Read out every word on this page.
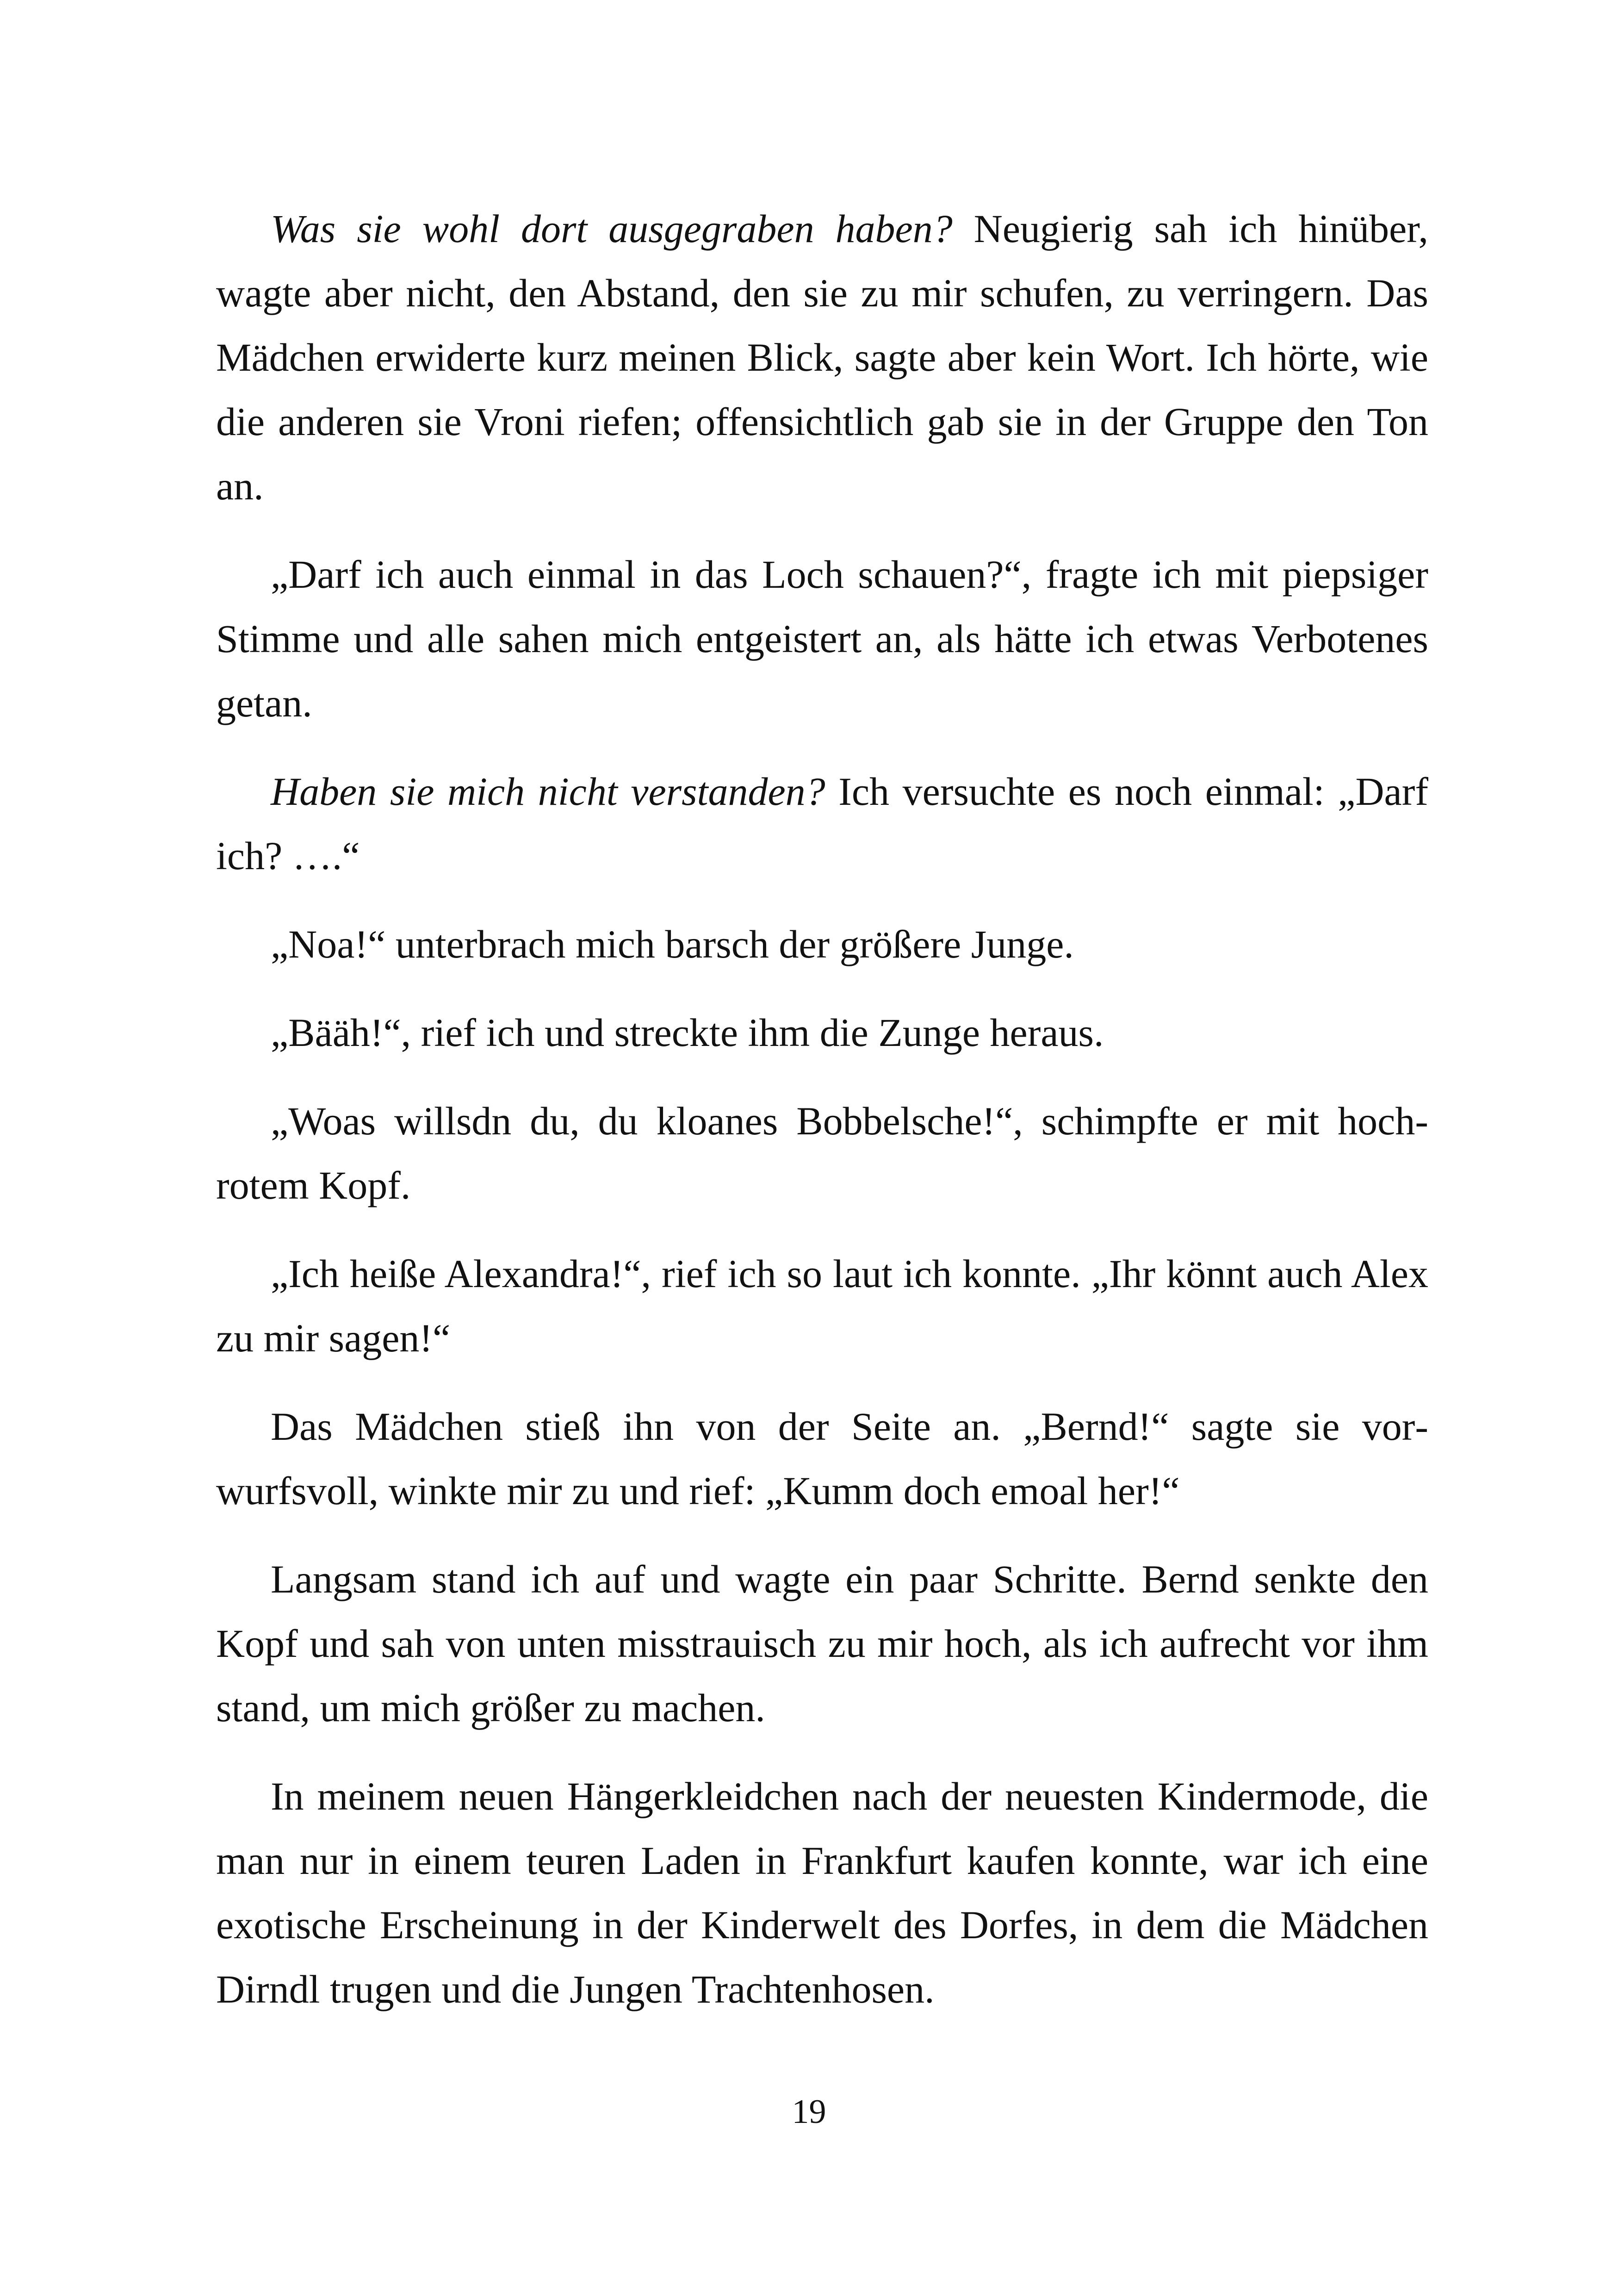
Was sie wohl dort ausgegraben haben? Neugierig sah ich hinüber, wagte aber nicht, den Abstand, den sie zu mir schufen, zu verringern. Das Mädchen erwiderte kurz meinen Blick, sagte aber kein Wort. Ich hörte, wie die anderen sie Vroni riefen; offensichtlich gab sie in der Gruppe den Ton an.

„Darf ich auch einmal in das Loch schauen?“, fragte ich mit piepsiger Stimme und alle sahen mich entgeistert an, als hätte ich etwas Verbotenes getan.

Haben sie mich nicht verstanden? Ich versuchte es noch einmal: „Darf ich? ….“

„Noa!“ unterbrach mich barsch der größere Junge.

„Bääh!“, rief ich und streckte ihm die Zunge heraus.

„Woas willsdn du, du kloanes Bobbelsche!“, schimpfte er mit hochrotem Kopf.

„Ich heiße Alexandra!“, rief ich so laut ich konnte. „Ihr könnt auch Alex zu mir sagen!“

Das Mädchen stieß ihn von der Seite an. „Bernd!“ sagte sie vorwurfsvoll, winkte mir zu und rief: „Kumm doch emoal her!“

Langsam stand ich auf und wagte ein paar Schritte. Bernd senkte den Kopf und sah von unten misstrauisch zu mir hoch, als ich aufrecht vor ihm stand, um mich größer zu machen.

In meinem neuen Hängerkleidchen nach der neuesten Kindermode, die man nur in einem teuren Laden in Frankfurt kaufen konnte, war ich eine exotische Erscheinung in der Kinderwelt des Dorfes, in dem die Mädchen Dirndl trugen und die Jungen Trachtenhosen.

19
